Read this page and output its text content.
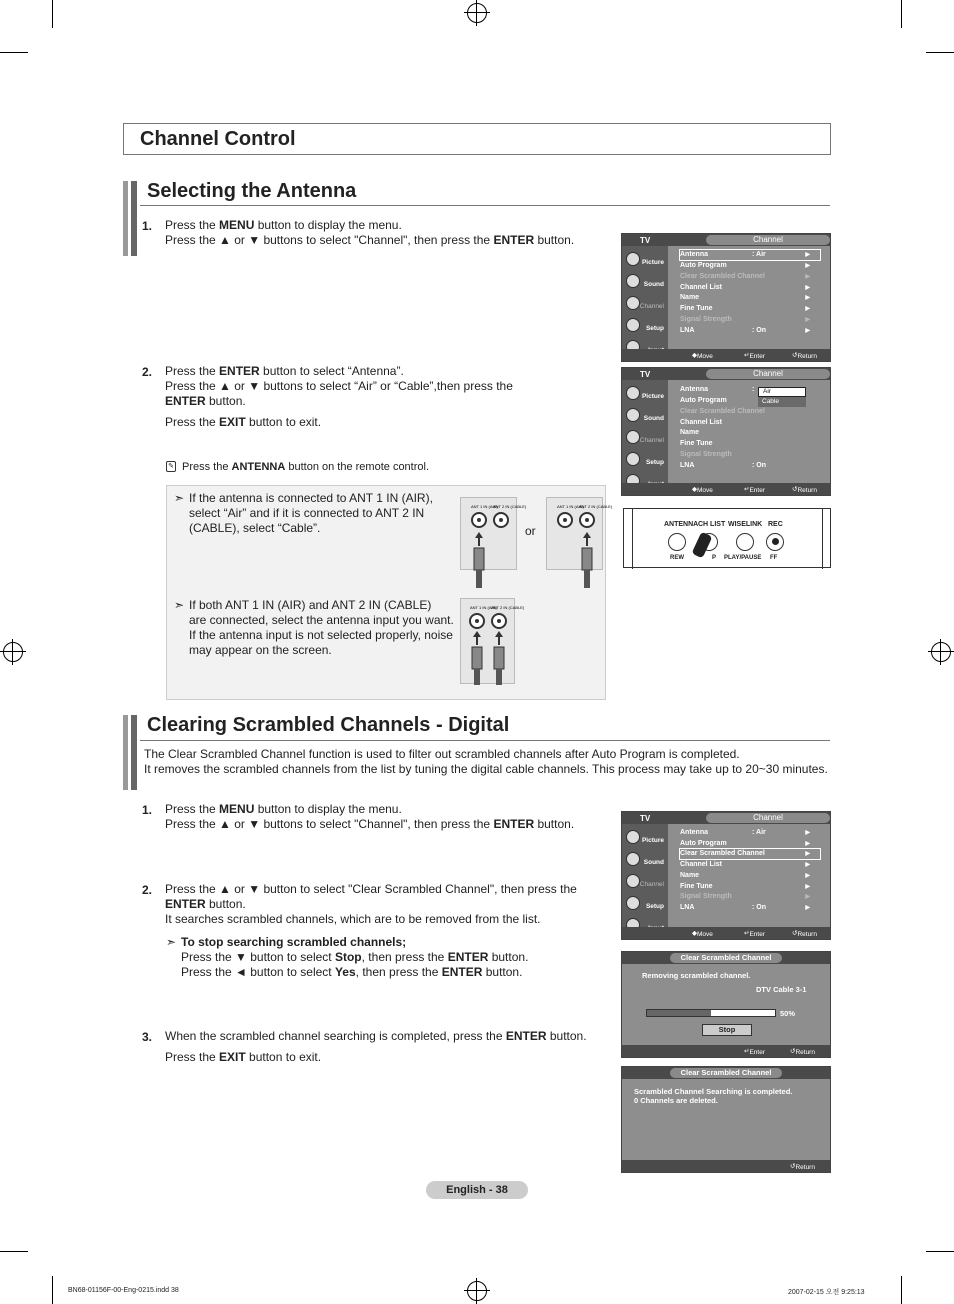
Channel Control
Selecting the Antenna
1. Press the MENU button to display the menu.
Press the ▲ or ▼ buttons to select "Channel", then press the ENTER button.
2. Press the ENTER button to select “Antenna”.
Press the ▲ or ▼ buttons to select “Air” or “Cable”,then press the
ENTER button.
Press the EXIT button to exit.
✎ Press the ANTENNA button on the remote control.
➣ If the antenna is connected to ANT 1 IN (AIR),
select “Air” and if it is connected to ANT 2 IN
(CABLE), select “Cable”.	or
ANT 1 IN (AIR)
ANT 2 IN (CABLE)	ANT 1 IN (AIR)
ANT 2 IN (CABLE)
➣ If both ANT 1 IN (AIR) and ANT 2 IN (CABLE)
are connected, select the antenna input you want.
If the antenna input is not selected properly, noise
may appear on the screen.
ANT 1 IN (AIR)
ANT 2 IN (CABLE)
TV	Channel
Picture
Sound
Channel
Setup
Antenna	: Air	▶
Auto Program	▶
Clear Scrambled Channel	▶
Channel List	▶
Name	▶
Fine Tune	▶
Signal Strength	▶
LNA	: On	▶
◆ Move	↵ Enter	↺ Return
TV	Channel
Picture
Sound
Channel
Setup
Antenna	:	Air
Cable
Auto Program
Clear Scrambled Channel
Channel List
Name
Fine Tune
Signal Strength
LNA	: On
◆ Move	↵ Enter	↺ Return
ANTENNA CH LIST WISELINK REC
REW	P PLAY/PAUSE FF
Clearing Scrambled Channels - Digital
The Clear Scrambled Channel function is used to filter out scrambled channels after Auto Program is completed.
It removes the scrambled channels from the list by tuning the digital cable channels. This process may take up to 20~30 minutes.
1. Press the MENU button to display the menu.
Press the ▲ or ▼ buttons to select "Channel", then press the ENTER button.
2. Press the ▲ or ▼ button to select "Clear Scrambled Channel", then press the
ENTER button.
It searches scrambled channels, which are to be removed from the list.
➣ To stop searching scrambled channels;
Press the ▼ button to select Stop, then press the ENTER button.
Press the ◄ button to select Yes, then press the ENTER button.
3. When the scrambled channel searching is completed, press the ENTER button.
Press the EXIT button to exit.
TV	Channel
Picture
Sound
Channel
Setup
Antenna	: Air	▶
Auto Program	▶
Clear Scrambled Channel	▶
Channel List	▶
Name	▶
Fine Tune	▶
Signal Strength	▶
LNA	: On	▶
◆ Move	↵ Enter	↺ Return
Clear Scrambled Channel
Removing scrambled channel.
DTV Cable 3-1
50%
Stop
↵ Enter	↺ Return
Clear Scrambled Channel
Scrambled Channel Searching is completed.
0 Channels are deleted.
↺ Return
English - 38
BN68-01156F-00-Eng-0215.indd 38	2007-02-15 오전 9:25:13
